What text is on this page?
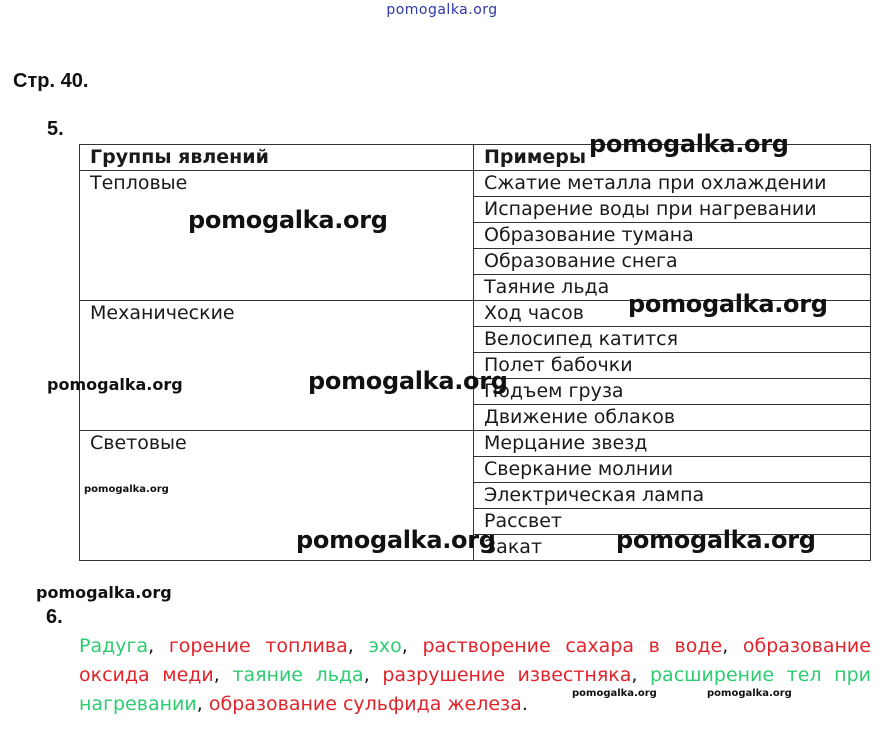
pomogalka.org
Стр. 40.
5.
Группы явлений	Примеры
Тепловые	Сжатие металла при охлаждении
	Испарение воды при нагревании
	Образование тумана
	Образование снега
	Таяние льда
Механические	Ход часов
	Велосипед катится
	Полет бабочки
	Подъем груза
	Движение облаков
Световые	Мерцание звезд
	Сверкание молнии
	Электрическая лампа
	Рассвет
	Закат
pomogalka.org
pomogalka.org
pomogalka.org
pomogalka.org
pomogalka.org
pomogalka.org
pomogalka.org	pomogalka.org
pomogalka.org
6.
Радуга, горение топлива, эхо, растворение сахара в воде, образование оксида меди, таяние льда, разрушение известняка, расширение тел при нагревании, образование сульфида железа.	pomogalka.org	pomogalka.org
